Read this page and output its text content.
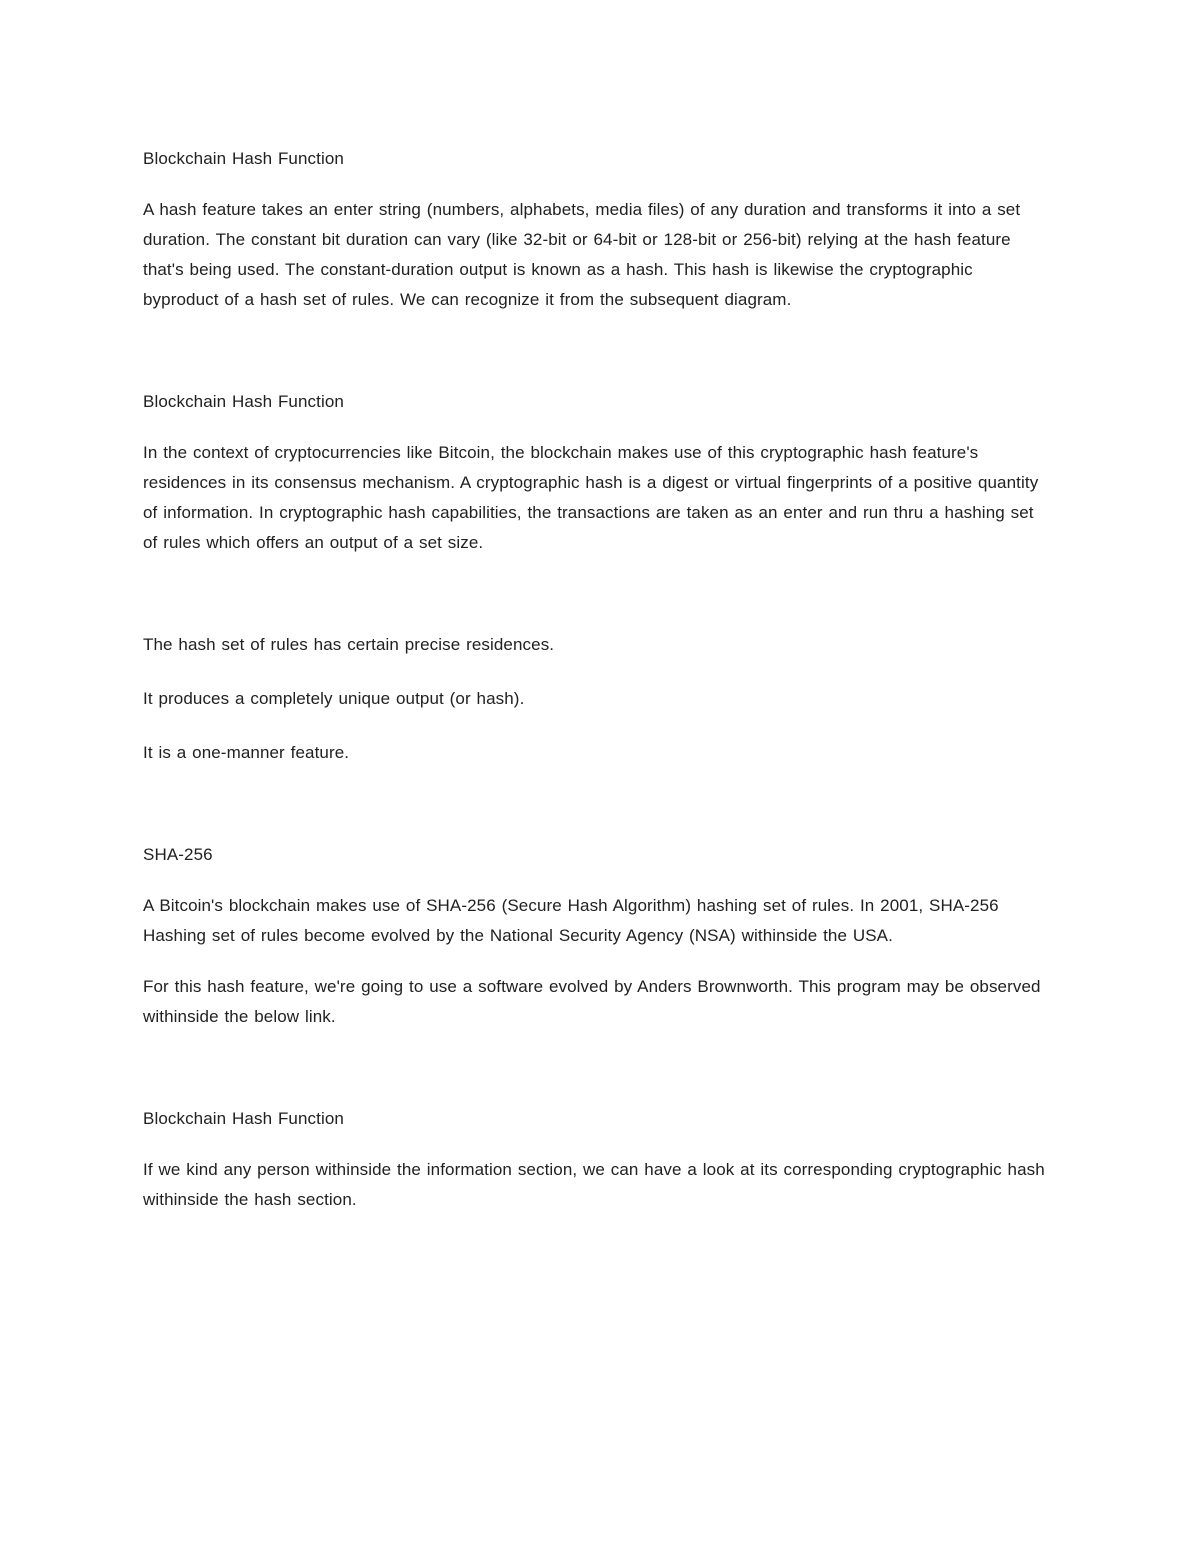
Blockchain Hash Function

A hash feature takes an enter string (numbers, alphabets, media files) of any duration and transforms it into a set duration. The constant bit duration can vary (like 32-bit or 64-bit or 128-bit or 256-bit) relying at the hash feature that's being used. The constant-duration output is known as a hash. This hash is likewise the cryptographic byproduct of a hash set of rules. We can recognize it from the subsequent diagram.

Blockchain Hash Function

In the context of cryptocurrencies like Bitcoin, the blockchain makes use of this cryptographic hash feature's residences in its consensus mechanism. A cryptographic hash is a digest or virtual fingerprints of a positive quantity of information. In cryptographic hash capabilities, the transactions are taken as an enter and run thru a hashing set of rules which offers an output of a set size.

The hash set of rules has certain precise residences.

It produces a completely unique output (or hash).

It is a one-manner feature.

SHA-256

A Bitcoin's blockchain makes use of SHA-256 (Secure Hash Algorithm) hashing set of rules. In 2001, SHA-256 Hashing set of rules become evolved by the National Security Agency (NSA) withinside the USA.

For this hash feature, we're going to use a software evolved by Anders Brownworth. This program may be observed withinside the below link.

Blockchain Hash Function

If we kind any person withinside the information section, we can have a look at its corresponding cryptographic hash withinside the hash section.
